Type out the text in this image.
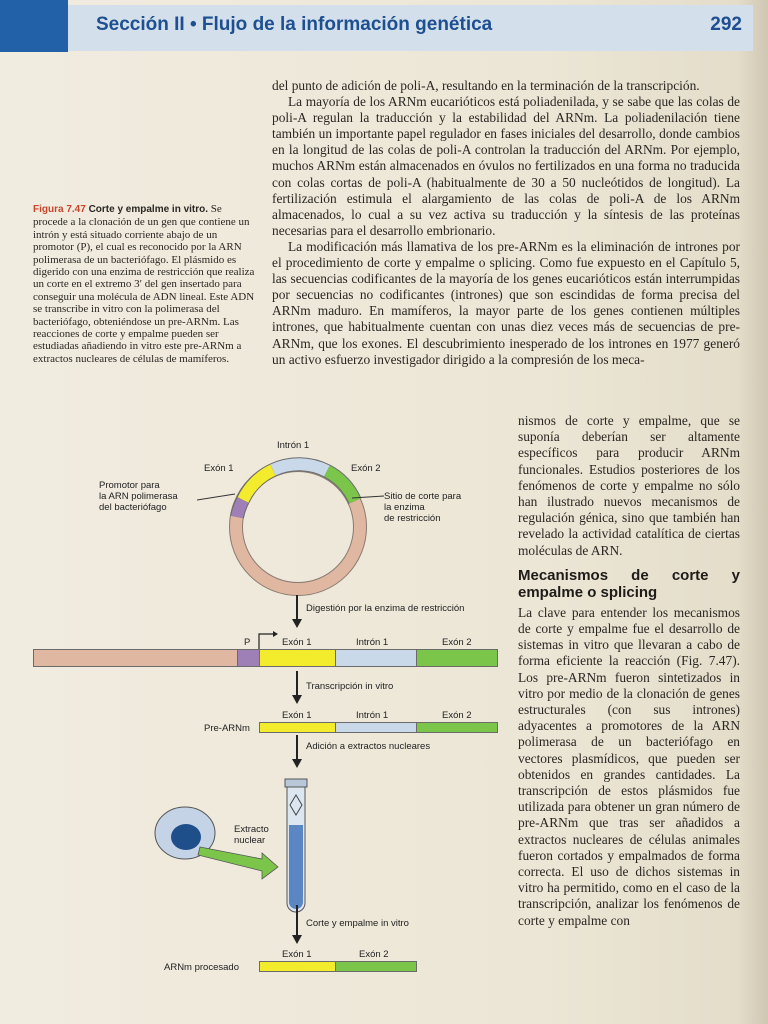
Sección II • Flujo de la información genética	292

del punto de adición de poli-A, resultando en la terminación de la transcripción.

La mayoría de los ARNm eucarióticos está poliadenilada, y se sabe que las colas de poli-A regulan la traducción y la estabilidad del ARNm. La poliadenilación tiene también un importante papel regulador en fases iniciales del desarrollo, donde cambios en la longitud de las colas de poli-A controlan la traducción del ARNm. Por ejemplo, muchos ARNm están almacenados en óvulos no fertilizados en una forma no traducida con colas cortas de poli-A (habitualmente de 30 a 50 nucleótidos de longitud). La fertilización estimula el alargamiento de las colas de poli-A de los ARNm almacenados, lo cual a su vez activa su traducción y la síntesis de las proteínas necesarias para el desarrollo embrionario.

La modificación más llamativa de los pre-ARNm es la eliminación de intrones por el procedimiento de corte y empalme o splicing. Como fue expuesto en el Capítulo 5, las secuencias codificantes de la mayoría de los genes eucarióticos están interrumpidas por secuencias no codificantes (intrones) que son escindidas de forma precisa del ARNm maduro. En mamíferos, la mayor parte de los genes contienen múltiples intrones, que habitualmente cuentan con unas diez veces más de secuencias de pre-ARNm, que los exones. El descubrimiento inesperado de los intrones en 1977 generó un activo esfuerzo investigador dirigido a la compresión de los meca-

nismos de corte y empalme, que se suponía deberían ser altamente específicos para producir ARNm funcionales. Estudios posteriores de los fenómenos de corte y empalme no sólo han ilustrado nuevos mecanismos de regulación génica, sino que también han revelado la actividad catalítica de ciertas moléculas de ARN.

Mecanismos de corte y empalme o splicing

La clave para entender los mecanismos de corte y empalme fue el desarrollo de sistemas in vitro que llevaran a cabo de forma eficiente la reacción (Fig. 7.47). Los pre-ARNm fueron sintetizados in vitro por medio de la clonación de genes estructurales (con sus intrones) adyacentes a promotores de la ARN polimerasa de un bacteriófago en vectores plasmídicos, que pueden ser obtenidos en grandes cantidades. La transcripción de estos plásmidos fue utilizada para obtener un gran número de pre-ARNm que tras ser añadidos a extractos nucleares de células animales fueron cortados y empalmados de forma correcta. El uso de dichos sistemas in vitro ha permitido, como en el caso de la transcripción, analizar los fenómenos de corte y empalme con

Figura 7.47 Corte y empalme in vitro. Se procede a la clonación de un gen que contiene un intrón y está situado corriente abajo de un promotor (P), el cual es reconocido por la ARN polimerasa de un bacteriófago. El plásmido es digerido con una enzima de restricción que realiza un corte en el extremo 3′ del gen insertado para conseguir una molécula de ADN lineal. Este ADN se transcribe in vitro con la polimerasa del bacteriófago, obteniéndose un pre-ARNm. Las reacciones de corte y empalme pueden ser estudiadas añadiendo in vitro este pre-ARNm a extractos nucleares de células de mamíferos.
Intrón 1
Exón 1	Exón 2
Promotor para
la ARN polimerasa
del bacteriófago
Sitio de corte para
la enzima
de restricción
Digestión por la enzima de restricción
P	Exón 1	Intrón 1	Exón 2
Transcripción in vitro
Exón 1	Intrón 1	Exón 2
Pre-ARNm
Adición a extractos nucleares
Extracto
nuclear
Corte y empalme in vitro
Exón 1	Exón 2
ARNm procesado
